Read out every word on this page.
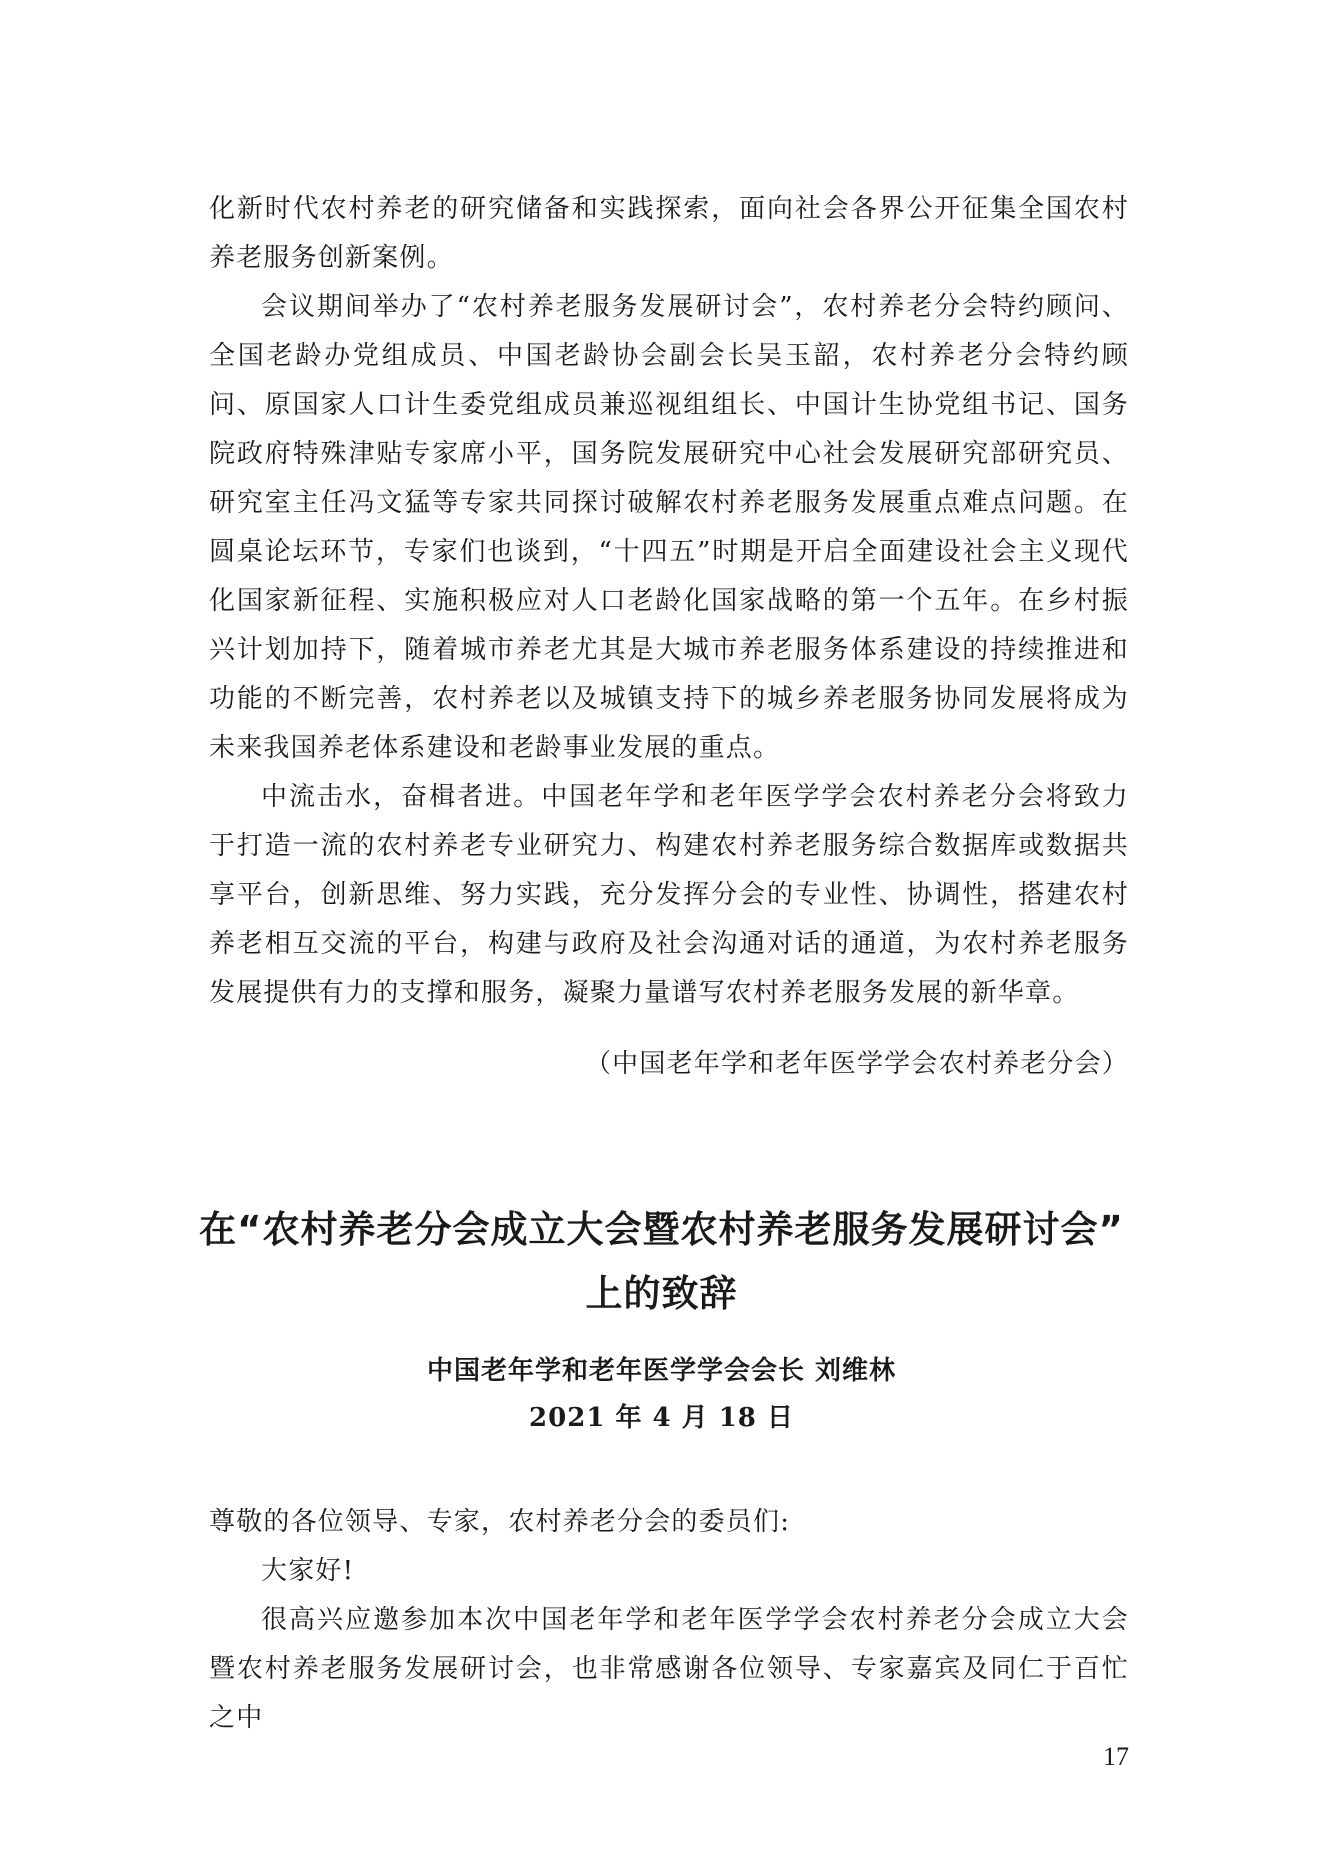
化新时代农村养老的研究储备和实践探索，面向社会各界公开征集全国农村养老服务创新案例。

会议期间举办了“农村养老服务发展研讨会”，农村养老分会特约顾问、全国老龄办党组成员、中国老龄协会副会长吴玉韶，农村养老分会特约顾问、原国家人口计生委党组成员兼巡视组组长、中国计生协党组书记、国务院政府特殊津贴专家席小平，国务院发展研究中心社会发展研究部研究员、研究室主任冯文猛等专家共同探讨破解农村养老服务发展重点难点问题。在圆桌论坛环节，专家们也谈到，“十四五”时期是开启全面建设社会主义现代化国家新征程、实施积极应对人口老龄化国家战略的第一个五年。在乡村振兴计划加持下，随着城市养老尤其是大城市养老服务体系建设的持续推进和功能的不断完善，农村养老以及城镇支持下的城乡养老服务协同发展将成为未来我国养老体系建设和老龄事业发展的重点。

中流击水，奋楫者进。中国老年学和老年医学学会农村养老分会将致力于打造一流的农村养老专业研究力、构建农村养老服务综合数据库或数据共享平台，创新思维、努力实践，充分发挥分会的专业性、协调性，搭建农村养老相互交流的平台，构建与政府及社会沟通对话的通道，为农村养老服务发展提供有力的支撑和服务，凝聚力量谱写农村养老服务发展的新华章。

（中国老年学和老年医学学会农村养老分会）
在“农村养老分会成立大会暨农村养老服务发展研讨会”
上的致辞
中国老年学和老年医学学会会长 刘维林
2021 年 4 月 18 日

尊敬的各位领导、专家，农村养老分会的委员们:

大家好!

很高兴应邀参加本次中国老年学和老年医学学会农村养老分会成立大会暨农村养老服务发展研讨会，也非常感谢各位领导、专家嘉宾及同仁于百忙之中

17
